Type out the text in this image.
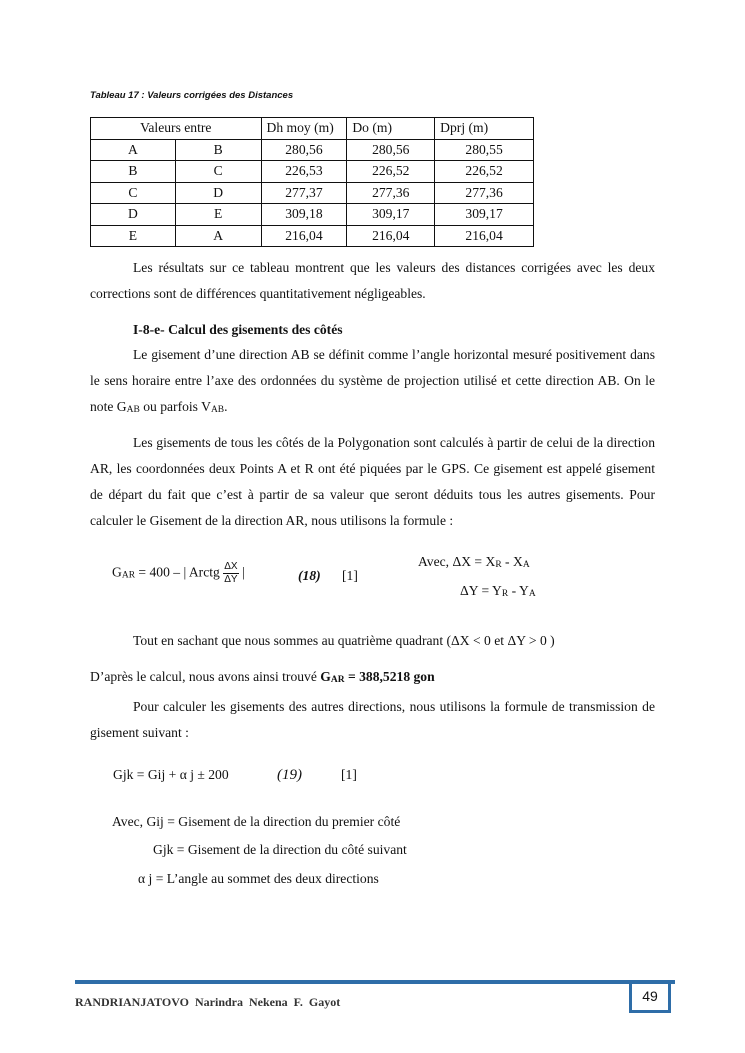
Tableau 17 : Valeurs corrigées des Distances
Valeurs entre		Dh moy (m)	Do (m)	Dprj (m)
A	B	280,56	280,56	280,55
B	C	226,53	226,52	226,52
C	D	277,37	277,36	277,36
D	E	309,18	309,17	309,17
E	A	216,04	216,04	216,04
Les résultats sur ce tableau montrent que les valeurs des distances corrigées avec les deux corrections sont de différences quantitativement négligeables.
I-8-e- Calcul des gisements des côtés
Le gisement d’une direction AB se définit comme l’angle horizontal mesuré positivement dans le sens horaire entre l’axe des ordonnées du système de projection utilisé et cette direction AB. On le note $G_{AB}$ ou parfois $V_{AB}$.
Les gisements de tous les côtés de la Polygonation sont calculés à partir de celui de la direction AR, les coordonnées deux Points A et R ont été piquées par le GPS. Ce gisement est appelé gisement de départ du fait que c’est à partir de sa valeur que seront déduits tous les autres gisements. Pour calculer le Gisement de la direction AR, nous utilisons la formule :
$G_{AR} = 400$ – | Arctg $\frac{\Delta X}{\Delta Y}$ |	(18) [1]
Avec, $\Delta X = X_R - X_A$
$\Delta Y = Y_R - Y_A$
Tout en sachant que nous sommes au quatrième quadrant (ΔX < 0 et ΔY > 0 )
D’après le calcul, nous avons ainsi trouvé $G_{AR} = 388,5218$ gon
Pour calculer les gisements des autres directions, nous utilisons la formule de transmission de gisement suivant :
Gjk = Gij + α j ± 200	(19)	[1]
Avec, Gij = Gisement de la direction du premier côté
Gjk = Gisement de la direction du côté suivant
α j = L’angle au sommet des deux directions
49
RANDRIANJATOVO Narindra Nekena F. Gayot
